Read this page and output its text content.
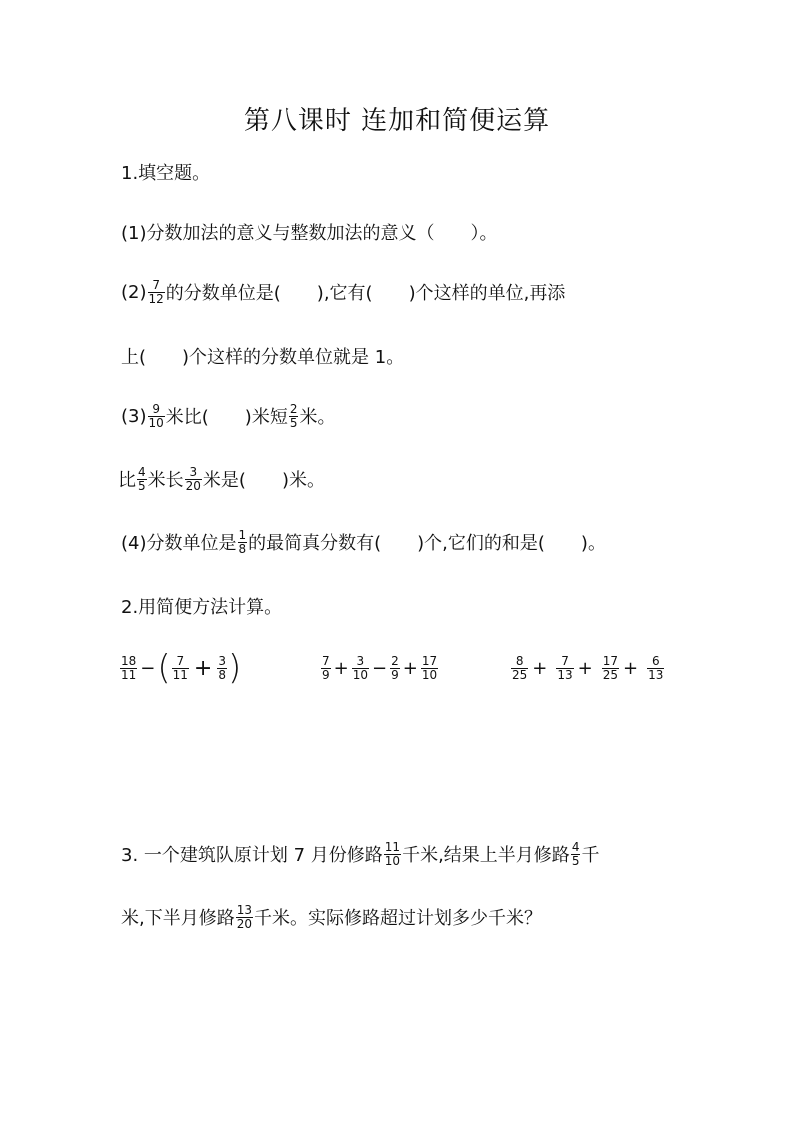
第八课时 连加和简便运算
1.填空题。
(1)分数加法的意义与整数加法的意义（　　）。
$(2) \frac{7}{12}$ 的分数单位是(　　),它有(　　)个这样的单位,再添
上(　　)个这样的分数单位就是 1。
$(3) \frac{9}{10}$ 米比(　　)米短 $\frac{2}{5}$ 米。
比 $\frac{4}{5}$ 米长 $\frac{3}{20}$ 米是(　　)米。
(4)分数单位是 $\frac{1}{8}$ 的最简真分数有(　　)个,它们的和是(　　)。
2.用简便方法计算。
$\frac{18}{11}$ − ( $\frac{7}{11} + \frac{3}{8}$ )	$\frac{7}{9} + \frac{3}{10} - \frac{2}{9} + \frac{17}{10}$	$\frac{8}{25} + \frac{7}{13} + \frac{17}{25} + \frac{6}{13}$
3. 一个建筑队原计划 7 月份修路 $\frac{11}{10}$ 千米,结果上半月修路 $\frac{4}{5}$ 千
米,下半月修路 $\frac{13}{20}$ 千米。实际修路超过计划多少千米？
